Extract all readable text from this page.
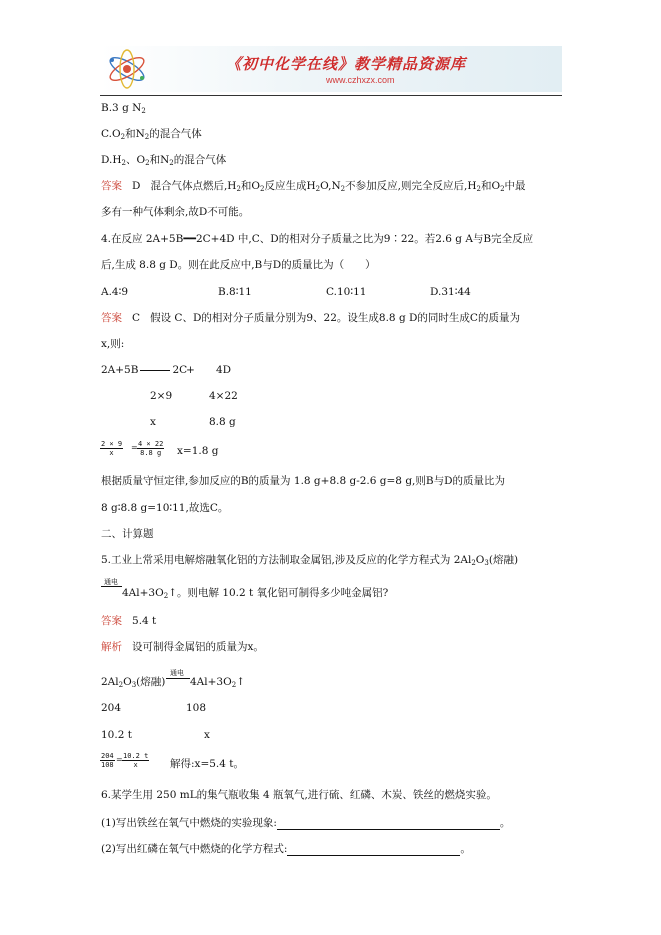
《初中化学在线》教学精品资源库
www.czhxzx.com
B.3 g $N_2$
$C.O_2$和$N_2$的混合气体
$D.H_2$、$O_2$和$N_2$的混合气体
答案 D 混合气体点燃后$,H_2$和$O_2$反应生成$H_2O,N_2$不参加反应,则完全反应后$,H_2$和$O_2$中最
多有一种气体剩余,故D不可能。
4.在反应 2A+5B━━2C+4D 中,C、D的相对分子质量之比为9∶22。若2.6 g A与B完全反应
后,生成 8.8 g D。则在此反应中,B与D的质量比为（　　）
A.4∶9	B.8∶11	C.10∶11	D.31∶44
答案 C 假设 C、D的相对分子质量分别为9、22。设生成8.8 g D的同时生成C的质量为
x,则:
2A+5B	2C
+ 4D
2×9	4×22
x	8.8 g
$\frac{2 \times 9}{x} = \frac{4 \times 22}{8.8 g} x=1.8$ g
根据质量守恒定律,参加反应的B的质量为 1.8 g+8.8 g-2.6 g=8 g,则B与D的质量比为
8 g∶8.8 g=10∶11,故选C。
二、计算题
5.工业上常采用电解熔融氧化铝的方法制取金属铝,涉及反应的化学方程式为 $2Al_2O_3$(熔融)
通电
$4Al+3O_2↑$。则电解 10.2 t 氧化铝可制得多少吨金属铝?
答案 5.4 t
解析 设可制得金属铝的质量为x。
$2Al_2O_3$(熔融)
通电
$4Al+3O_2↑$
204	108
10.2 t	x
$\frac{204}{108} = \frac{10.2 t}{x}$ 解得:x=5.4 t。
6.某学生用 250 mL的集气瓶收集 4 瓶氧气,进行硫、红磷、木炭、铁丝的燃烧实验。
(1)写出铁丝在氧气中燃烧的实验现象:	。
(2)写出红磷在氧气中燃烧的化学方程式:	。
